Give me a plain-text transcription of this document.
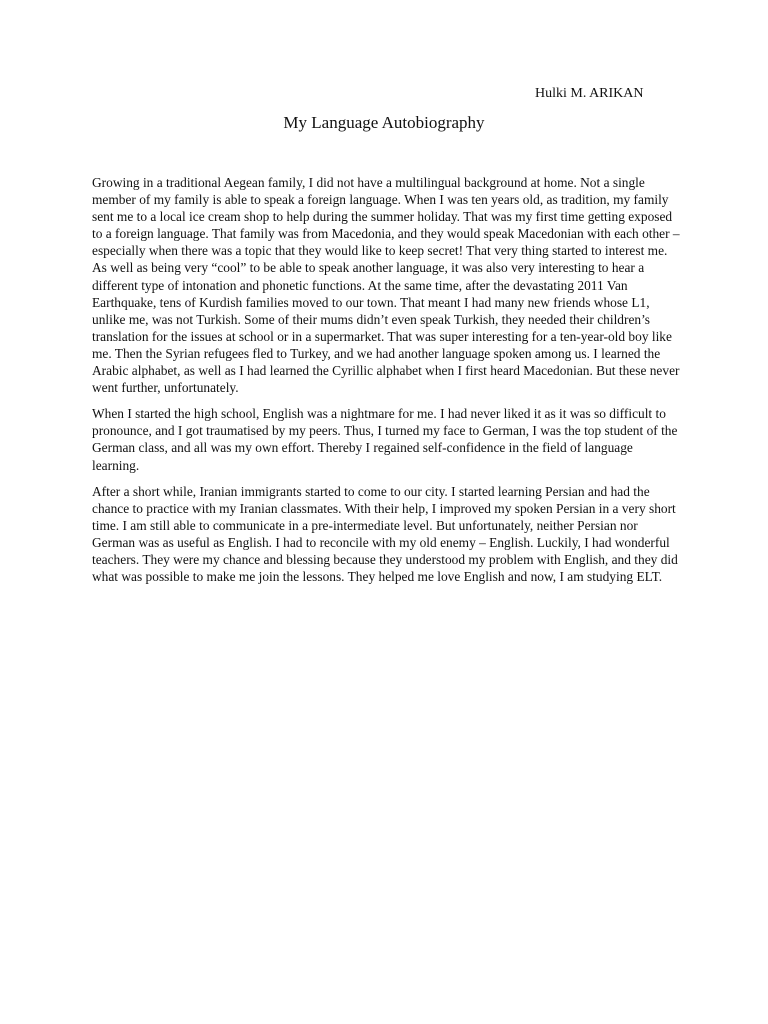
Hulki M. ARIKAN
My Language Autobiography

Growing in a traditional Aegean family, I did not have a multilingual background at home. Not a single member of my family is able to speak a foreign language. When I was ten years old, as tradition, my family sent me to a local ice cream shop to help during the summer holiday. That was my first time getting exposed to a foreign language. That family was from Macedonia, and they would speak Macedonian with each other – especially when there was a topic that they would like to keep secret! That very thing started to interest me. As well as being very “cool” to be able to speak another language, it was also very interesting to hear a different type of intonation and phonetic functions. At the same time, after the devastating 2011 Van Earthquake, tens of Kurdish families moved to our town. That meant I had many new friends whose L1, unlike me, was not Turkish. Some of their mums didn’t even speak Turkish, they needed their children’s translation for the issues at school or in a supermarket. That was super interesting for a ten-year-old boy like me. Then the Syrian refugees fled to Turkey, and we had another language spoken among us. I learned the Arabic alphabet, as well as I had learned the Cyrillic alphabet when I first heard Macedonian. But these never went further, unfortunately.

When I started the high school, English was a nightmare for me. I had never liked it as it was so difficult to pronounce, and I got traumatised by my peers. Thus, I turned my face to German, I was the top student of the German class, and all was my own effort. Thereby I regained self-confidence in the field of language learning.

After a short while, Iranian immigrants started to come to our city. I started learning Persian and had the chance to practice with my Iranian classmates. With their help, I improved my spoken Persian in a very short time. I am still able to communicate in a pre-intermediate level. But unfortunately, neither Persian nor German was as useful as English. I had to reconcile with my old enemy – English. Luckily, I had wonderful teachers. They were my chance and blessing because they understood my problem with English, and they did what was possible to make me join the lessons. They helped me love English and now, I am studying ELT.
